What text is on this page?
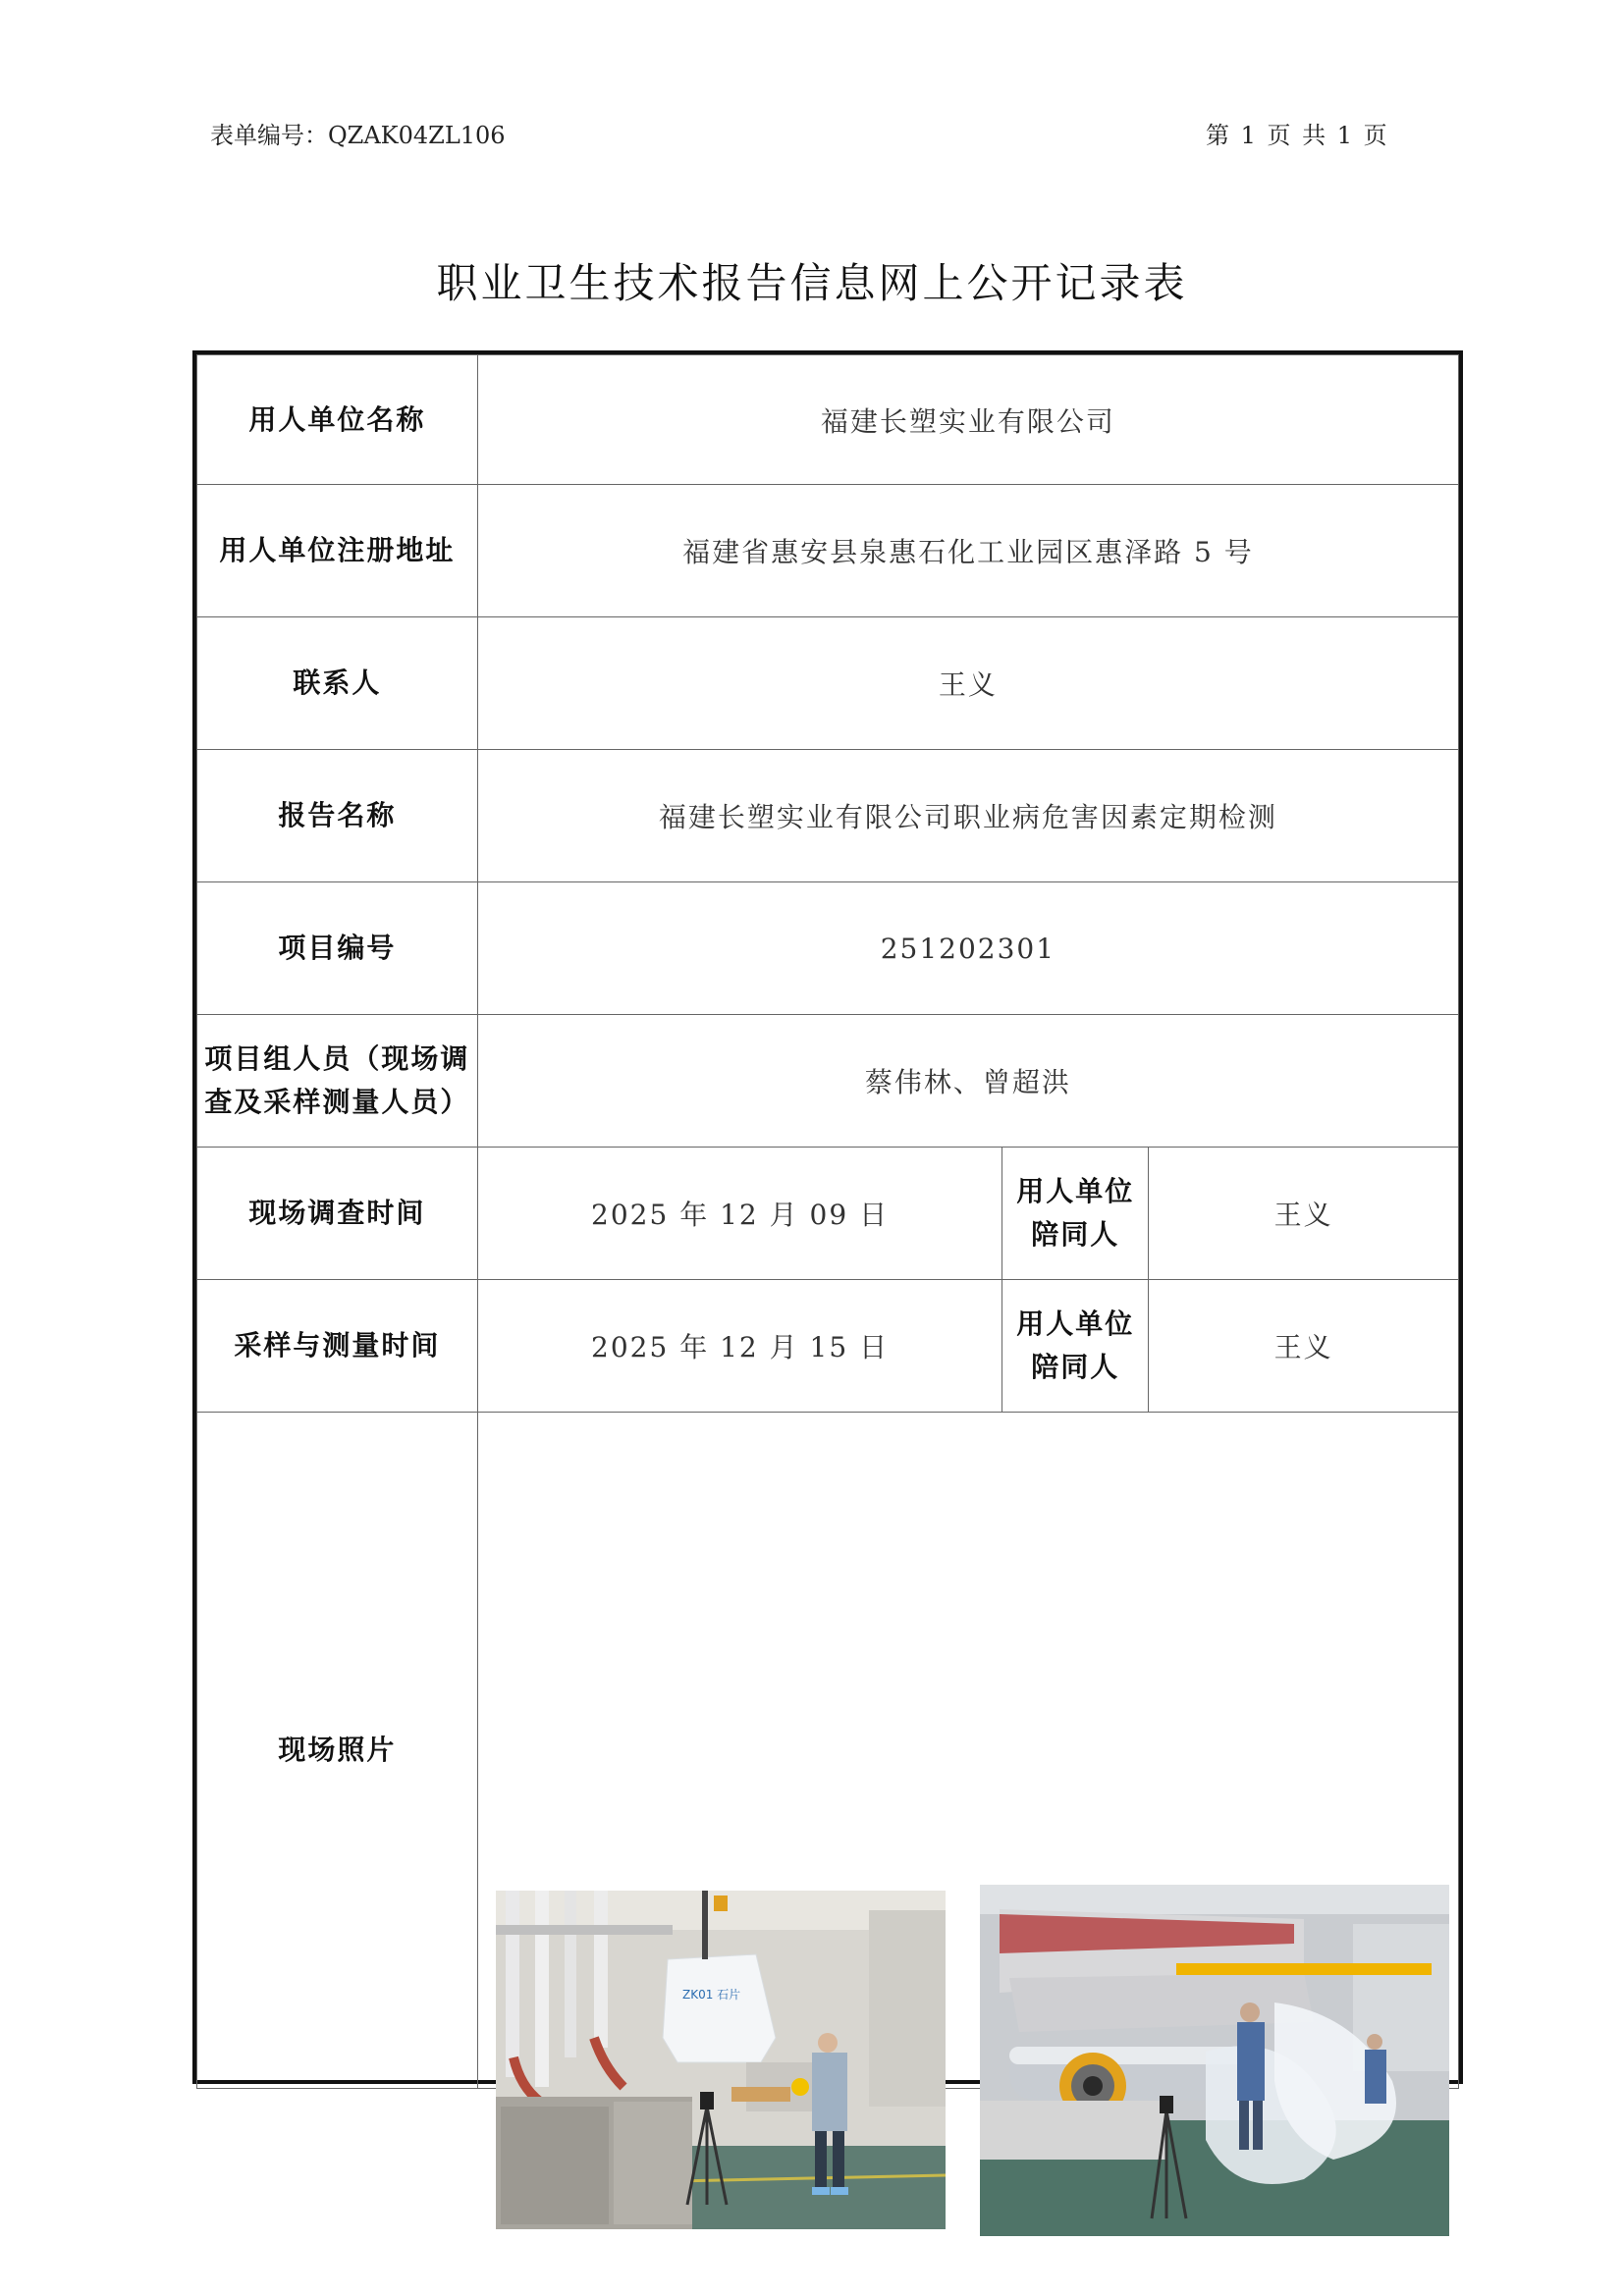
表单编号：QZAK04ZL106	第 1 页 共 1 页
职业卫生技术报告信息网上公开记录表
用人单位名称	福建长塑实业有限公司		
用人单位注册地址	福建省惠安县泉惠石化工业园区惠泽路 5 号		
联系人	王义		
报告名称	福建长塑实业有限公司职业病危害因素定期检测		
项目编号	251202301		

项目组人员（现场调
查及采样测量人员）	蔡伟林、曾超洪		
现场调查时间	2025 年 12 月 09 日	用人单位
陪同人	王义
采样与测量时间	2025 年 12 月 15 日	用人单位
陪同人	王义
现场照片	ZK01 石片		
